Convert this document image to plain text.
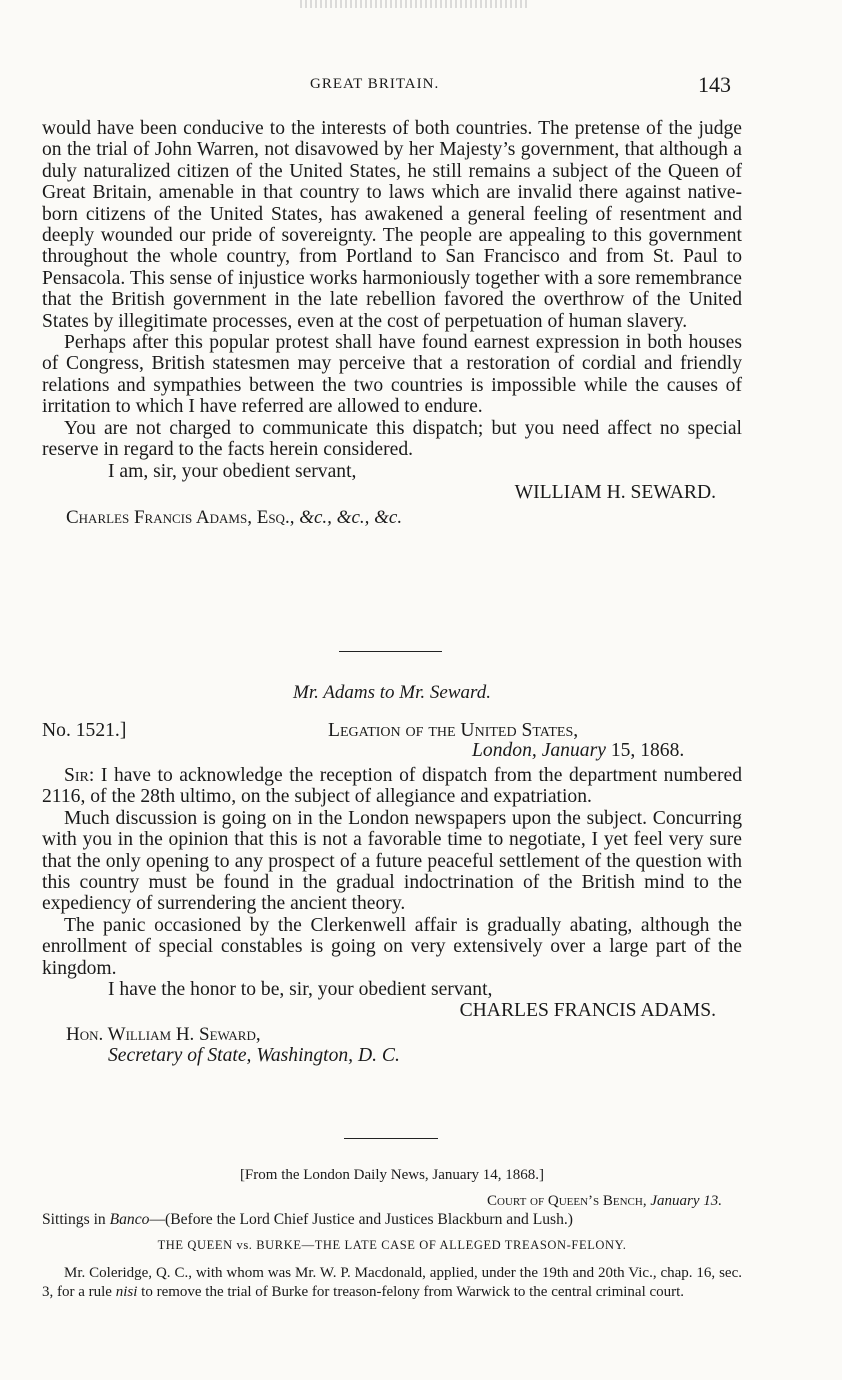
GREAT BRITAIN.	143

would have been conducive to the interests of both countries. The pretense of the judge on the trial of John Warren, not disavowed by her Majesty’s government, that although a duly naturalized citizen of the United States, he still remains a subject of the Queen of Great Britain, amenable in that country to laws which are invalid there against native-born citizens of the United States, has awakened a general feeling of resentment and deeply wounded our pride of sovereignty. The people are appealing to this government throughout the whole country, from Portland to San Francisco and from St. Paul to Pensacola. This sense of injustice works harmoniously together with a sore remembrance that the British government in the late rebellion favored the overthrow of the United States by illegitimate processes, even at the cost of perpetuation of human slavery.

Perhaps after this popular protest shall have found earnest expression in both houses of Congress, British statesmen may perceive that a restoration of cordial and friendly relations and sympathies between the two countries is impossible while the causes of irritation to which I have referred are allowed to endure.

You are not charged to communicate this dispatch; but you need affect no special reserve in regard to the facts herein considered.

I am, sir, your obedient servant,

WILLIAM H. SEWARD.

Charles Francis Adams, Esq., &c., &c., &c.

Mr. Adams to Mr. Seward.

No. 1521.]	Legation of the United States,
London, January 15, 1868.

Sir: I have to acknowledge the reception of dispatch from the department numbered 2116, of the 28th ultimo, on the subject of allegiance and expatriation.

Much discussion is going on in the London newspapers upon the subject. Concurring with you in the opinion that this is not a favorable time to negotiate, I yet feel very sure that the only opening to any prospect of a future peaceful settlement of the question with this country must be found in the gradual indoctrination of the British mind to the expediency of surrendering the ancient theory.

The panic occasioned by the Clerkenwell affair is gradually abating, although the enrollment of special constables is going on very extensively over a large part of the kingdom.

I have the honor to be, sir, your obedient servant,

CHARLES FRANCIS ADAMS.

Hon. William H. Seward,

Secretary of State, Washington, D. C.

[From the London Daily News, January 14, 1868.]

Court of Queen’s Bench, January 13.

Sittings in Banco—(Before the Lord Chief Justice and Justices Blackburn and Lush.)

THE QUEEN vs. BURKE—THE LATE CASE OF ALLEGED TREASON-FELONY.

Mr. Coleridge, Q. C., with whom was Mr. W. P. Macdonald, applied, under the 19th and 20th Vic., chap. 16, sec. 3, for a rule nisi to remove the trial of Burke for treason-felony from Warwick to the central criminal court.
